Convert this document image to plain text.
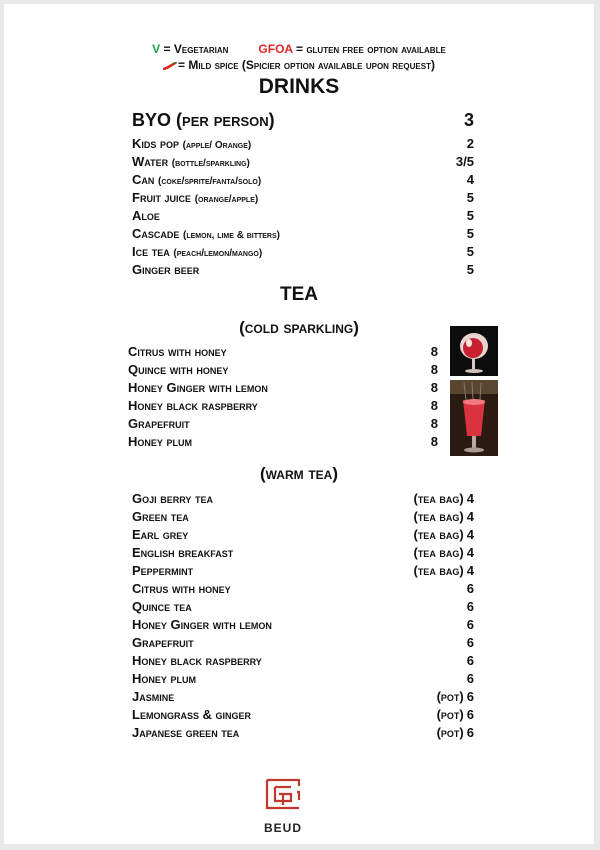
V = Vegetarian	GFOA = gluten free option available
= Mild spice (Spicier option available upon request)
DRINKS
BYO (per person)	3
Kids pop (apple/ Orange)	2
Water (bottle/sparkling)	3/5
Can (coke/sprite/fanta/solo)	4
Fruit juice (orange/apple)	5
Aloe	5
Cascade (lemon, lime & bitters)	5
Ice tea (peach/lemon/mango)	5
Ginger beer	5
TEA
(cold sparkling)
Citrus with honey	8
Quince with honey	8
Honey Ginger with lemon	8
Honey black raspberry	8
Grapefruit	8
Honey plum	8
(warm tea)
Goji berry tea	(tea bag) 4
Green tea	(tea bag) 4
Earl grey	(tea bag) 4
English breakfast	(tea bag) 4
Peppermint	(tea bag) 4
Citrus with honey	6
Quince tea	6
Honey Ginger with lemon	6
Grapefruit	6
Honey black raspberry	6
Honey plum	6
Jasmine	(pot) 6
Lemongrass & ginger	(pot) 6
Japanese green tea	(pot) 6
BEUD
